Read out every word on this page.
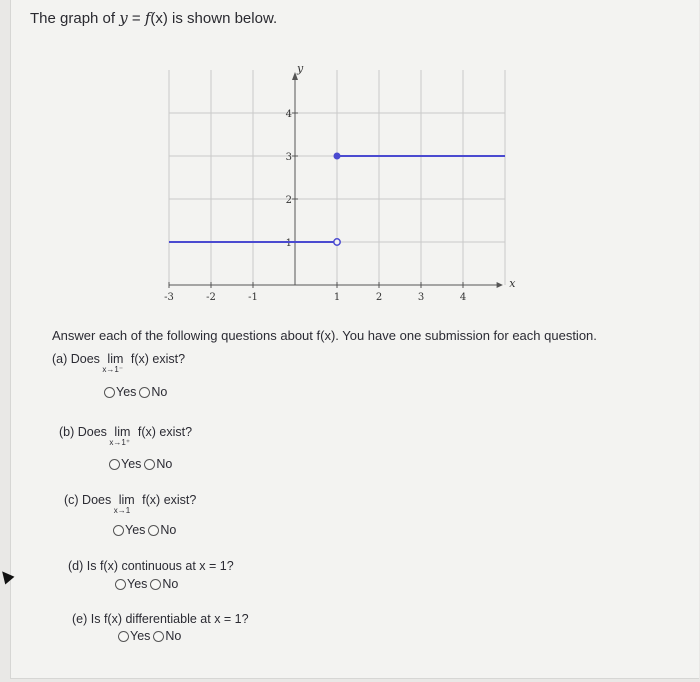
The graph of y = f(x) is shown below.
-3	-2	-1	1	2	3	4
1
2
3
4
x
y
Answer each of the following questions about f(x). You have one submission for each question.
(a) Does lim
x→1⁻
f(x) exist?
Yes No
(b) Does lim
x→1⁺
f(x) exist?
Yes No
(c) Does lim
x→1
f(x) exist?
Yes No
(d) Is f(x) continuous at x = 1?
Yes No
(e) Is f(x) differentiable at x = 1?
Yes No
